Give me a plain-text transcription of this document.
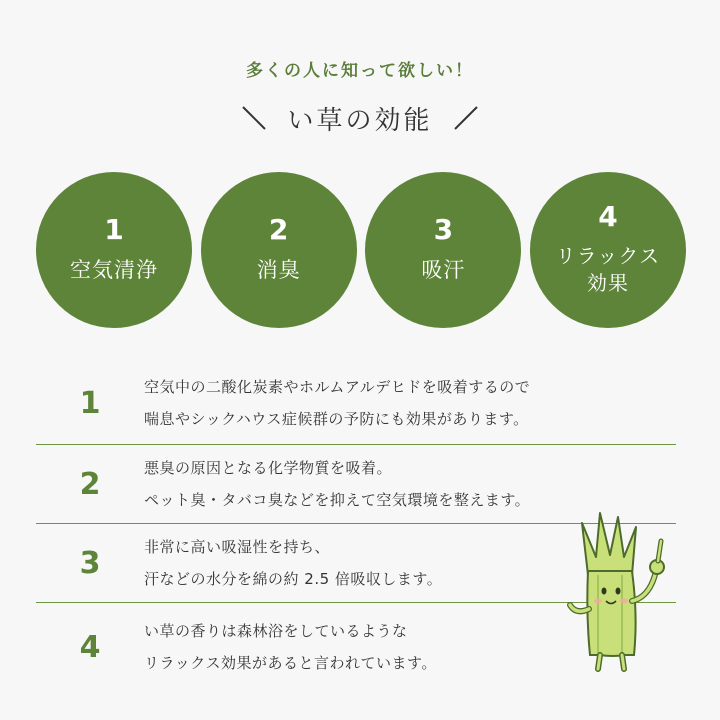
多くの人に知って欲しい！
い草の効能
1
空気清浄
2
消臭
3
吸汗
4
リラックス
効果
1	空気中の二酸化炭素やホルムアルデヒドを吸着するので
喘息やシックハウス症候群の予防にも効果があります。
2	悪臭の原因となる化学物質を吸着。
ペット臭・タバコ臭などを抑えて空気環境を整えます。
3	非常に高い吸湿性を持ち、
汗などの水分を綿の約 2.5 倍吸収します。
4	い草の香りは森林浴をしているような
リラックス効果があると言われています。
